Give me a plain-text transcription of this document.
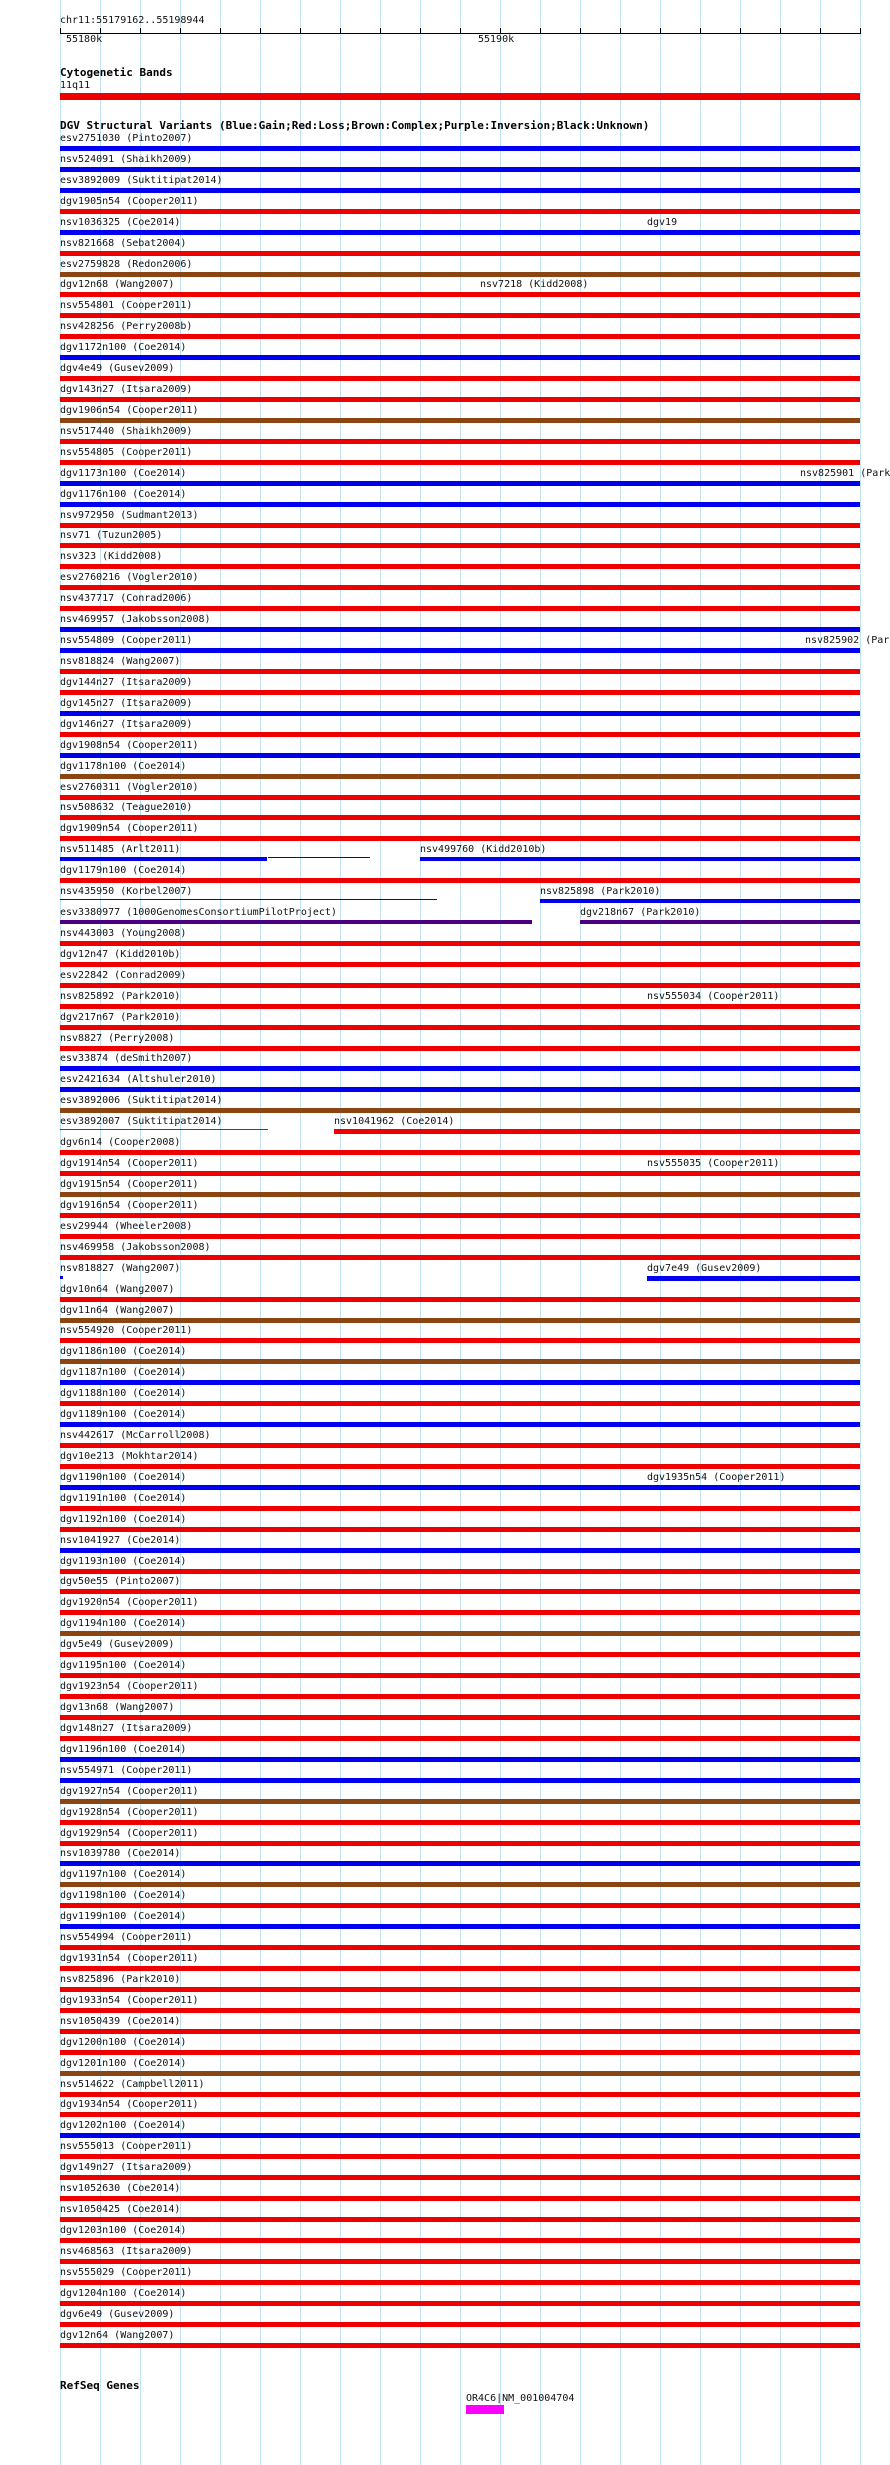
chr11:55179162..55198944
55180k	55190k
Cytogenetic Bands
11q11
DGV Structural Variants (Blue:Gain;Red:Loss;Brown:Complex;Purple:Inversion;Black:Unknown)
esv2751030 (Pinto2007)
nsv524091 (Shaikh2009)
esv3892009 (Suktitipat2014)
dgv1905n54 (Cooper2011)
nsv1036325 (Coe2014)	dgv19
nsv821668 (Sebat2004)
esv2759828 (Redon2006)
dgv12n68 (Wang2007)	nsv7218 (Kidd2008)
nsv554801 (Cooper2011)
nsv428256 (Perry2008b)
dgv1172n100 (Coe2014)
dgv4e49 (Gusev2009)
dgv143n27 (Itsara2009)
dgv1906n54 (Cooper2011)
nsv517440 (Shaikh2009)
nsv554805 (Cooper2011)
dgv1173n100 (Coe2014)	nsv825901 (Park
dgv1176n100 (Coe2014)
nsv972950 (Sudmant2013)
nsv71 (Tuzun2005)
nsv323 (Kidd2008)
esv2760216 (Vogler2010)
nsv437717 (Conrad2006)
nsv469957 (Jakobsson2008)
nsv554809 (Cooper2011)	nsv825902 (Par
nsv818824 (Wang2007)
dgv144n27 (Itsara2009)
dgv145n27 (Itsara2009)
dgv146n27 (Itsara2009)
dgv1908n54 (Cooper2011)
dgv1178n100 (Coe2014)
esv2760311 (Vogler2010)
nsv508632 (Teague2010)
dgv1909n54 (Cooper2011)
nsv511485 (Arlt2011)	nsv499760 (Kidd2010b)
dgv1179n100 (Coe2014)
nsv435950 (Korbel2007)	nsv825898 (Park2010)
esv3380977 (1000GenomesConsortiumPilotProject)	dgv218n67 (Park2010)
nsv443003 (Young2008)
dgv12n47 (Kidd2010b)
esv22842 (Conrad2009)
nsv825892 (Park2010)	nsv555034 (Cooper2011)
dgv217n67 (Park2010)
nsv8827 (Perry2008)
esv33874 (deSmith2007)
esv2421634 (Altshuler2010)
esv3892006 (Suktitipat2014)
esv3892007 (Suktitipat2014)	nsv1041962 (Coe2014)
dgv6n14 (Cooper2008)
dgv1914n54 (Cooper2011)	nsv555035 (Cooper2011)
dgv1915n54 (Cooper2011)
dgv1916n54 (Cooper2011)
esv29944 (Wheeler2008)
nsv469958 (Jakobsson2008)
nsv818827 (Wang2007)	dgv7e49 (Gusev2009)
dgv10n64 (Wang2007)
dgv11n64 (Wang2007)
nsv554920 (Cooper2011)
dgv1186n100 (Coe2014)
dgv1187n100 (Coe2014)
dgv1188n100 (Coe2014)
dgv1189n100 (Coe2014)
nsv442617 (McCarroll2008)
dgv10e213 (Mokhtar2014)
dgv1190n100 (Coe2014)	dgv1935n54 (Cooper2011)
dgv1191n100 (Coe2014)
dgv1192n100 (Coe2014)
nsv1041927 (Coe2014)
dgv1193n100 (Coe2014)
dgv50e55 (Pinto2007)
dgv1920n54 (Cooper2011)
dgv1194n100 (Coe2014)
dgv5e49 (Gusev2009)
dgv1195n100 (Coe2014)
dgv1923n54 (Cooper2011)
dgv13n68 (Wang2007)
dgv148n27 (Itsara2009)
dgv1196n100 (Coe2014)
nsv554971 (Cooper2011)
dgv1927n54 (Cooper2011)
dgv1928n54 (Cooper2011)
dgv1929n54 (Cooper2011)
nsv1039780 (Coe2014)
dgv1197n100 (Coe2014)
dgv1198n100 (Coe2014)
dgv1199n100 (Coe2014)
nsv554994 (Cooper2011)
dgv1931n54 (Cooper2011)
nsv825896 (Park2010)
dgv1933n54 (Cooper2011)
nsv1050439 (Coe2014)
dgv1200n100 (Coe2014)
dgv1201n100 (Coe2014)
nsv514622 (Campbell2011)
dgv1934n54 (Cooper2011)
dgv1202n100 (Coe2014)
nsv555013 (Cooper2011)
dgv149n27 (Itsara2009)
nsv1052630 (Coe2014)
nsv1050425 (Coe2014)
dgv1203n100 (Coe2014)
nsv468563 (Itsara2009)
nsv555029 (Cooper2011)
dgv1204n100 (Coe2014)
dgv6e49 (Gusev2009)
dgv12n64 (Wang2007)
RefSeq Genes
OR4C6|NM_001004704
